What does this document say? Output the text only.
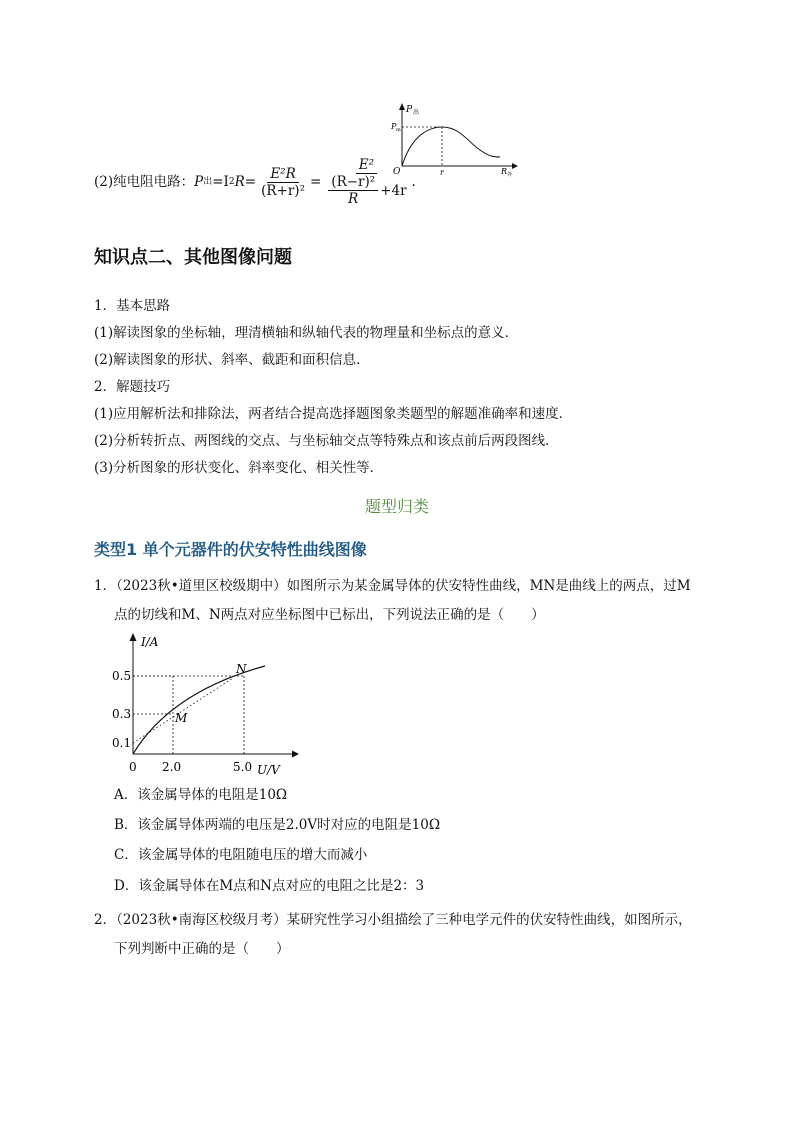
(2)纯电阻电路： P 出 =I 2 $R = \frac{\text{E²R}}{\text{(R+r)²}} = \frac{\text{E²}}{\frac{\text{(R−r)²}}{R} +4r}$ .
P 出
P m
O	r	R 外
知识点二、其他图像问题
1．基本思路
(1)解读图象的坐标轴，理清横轴和纵轴代表的物理量和坐标点的意义．
(2)解读图象的形状、斜率、截距和面积信息．
2．解题技巧
(1)应用解析法和排除法，两者结合提高选择题图象类题型的解题准确率和速度．
(2)分析转折点、两图线的交点、与坐标轴交点等特殊点和该点前后两段图线．
(3)分析图象的形状变化、斜率变化、相关性等．
题型归类
类型1 单个元器件的伏安特性曲线图像
1．（2023秋•道里区校级期中）如图所示为某金属导体的伏安特性曲线，MN是曲线上的两点，过M
点的切线和M、N两点对应坐标图中已标出，下列说法正确的是（　　）
I/A
0.5
0.3
0.1
0 2.0	5.0 U/V
M
N
A．该金属导体的电阻是10Ω
B．该金属导体两端的电压是2.0V时对应的电阻是10Ω
C．该金属导体的电阻随电压的增大而减小
D．该金属导体在M点和N点对应的电阻之比是2：3
2．（2023秋•南海区校级月考）某研究性学习小组描绘了三种电学元件的伏安特性曲线，如图所示，
下列判断中正确的是（　　）
